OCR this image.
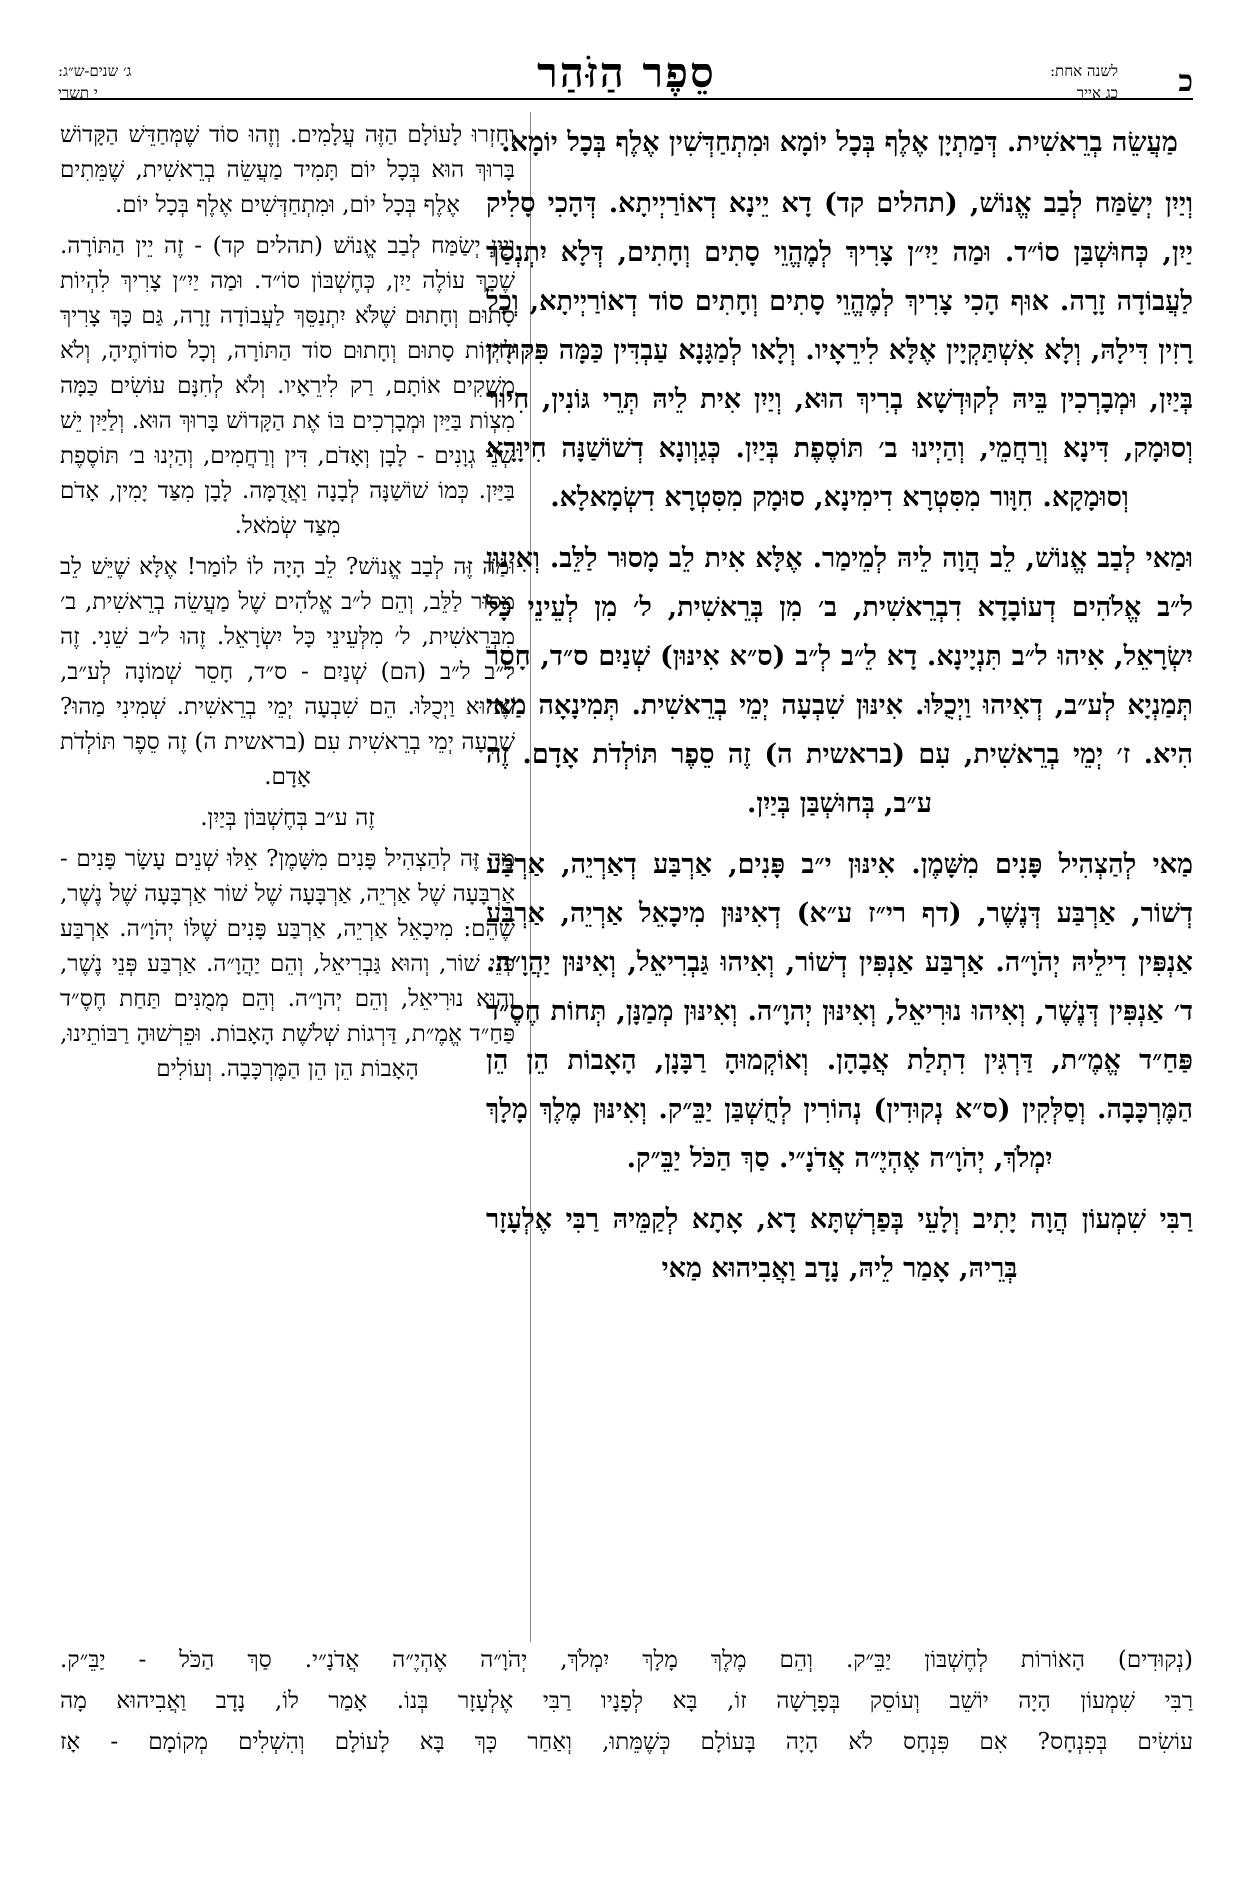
כ
לשנה אחת:
כג אייר
סֵפֶר הַזֹּהַר
ג׳ שנים-ש״ג:
י תשרי

מַעֲשֵׂה בְרֵאשִׁית. דְּמַתְיָן אֶלֶף בְּכָל יוֹמָא וּמִתְחַדְּשִׁין אֶלֶף בְּכָל יוֹמָא.

וְיַיִן יְשַׂמַּח לְבַב אֱנוֹשׁ, (תהלים קד) דָא יֵינָא דְאוֹרַיְיתָא. דְּהָכִי סָלִיק יַיִן, כְּחוּשְׁבַּן סוֹ״ד. וּמַה יַיִ״ן צָרִיךְ לְמֶהֱוֵי סָתִים וְחָתִים, דְּלָא יִתְנְסַךְ לַעֲבוֹדָה זָרָה. אוּף הָכִי צָרִיךְ לְמֶהֱוֵי סָתִים וְחָתִים סוֹד דְאוֹרַיְיתָא, וְכָל רָזִין דִּילָהּ, וְלָא אִשְׁתַּקְיָין אֶלָּא לִירֵאָיו. וְלָאו לְמַגָּנָא עַבְדִּין כַּמָּה פִּקּוּדִין בְּיַיִן, וּמְבָרְכִין בֵּיהּ לְקוּדְשָׁא בְרִיךְ הוּא, וְיַיִן אִית לֵיהּ תְּרֵי גּוֹנִין, חִיוּר וְסוּמָק, דִּינָא וְרַחֲמֵי, וְהַיְינוּ ב׳ תּוֹסֶפֶת בְּיַיִן. כְּגַוְונָא דְשׁוֹשַׁנָּה חִיוָּרָא וְסוּמָקָא. חִוָּור מִסִּטְרָא דִימִינָא, סוּמָק מִסִּטְרָא דִשְׂמָאלָא.

וּמַאי לְבַב אֱנוֹשׁ, לֵב הֲוָה לֵיהּ לְמֵימַר. אֶלָּא אִית לֵב מָסוּר לַלֵּב. וְאִינּוּן ל״ב אֱלֹהִים דְעוֹבָדָא דִבְרֵאשִׁית, ב׳ מִן בְּרֵאשִׁית, ל׳ מִן לְעֵינֵי כָּל יִשְׂרָאֵל, אִיהוּ ל״ב תִּנְיָינָא. דָא לֵ״ב לְ״ב (ס״א אִינּוּן) שְׁנַיִם ס״ד, חָסֵר תְּמַנְיָא לְע״ב, דְאִיהוּ וַיְכֻלּוּ. אִינּוּן שִׁבְעָה יְמֵי בְרֵאשִׁית. תְּמִינָאָה מַאי הִיא. ז׳ יְמֵי בְרֵאשִׁית, עִם (בראשית ה) זֶה סֵפֶר תּוֹלְדֹת אָדָם. זֶה ע״ב, בְּחוּשְׁבַּן בְּיַיִן.

מַאי לְהַצְהִיל פָּנִים מִשָּׁמֶן. אִינּוּן י״ב פָּנִים, אַרְבַּע דְאַרְיֵה, אַרְבַּע דְשׁוֹר, אַרְבַּע דְּנֶשֶׁר, (דף רי״ז ע״א) דְאִינּוּן מִיכָאֵל אַרְיֵה, אַרְבַּע אַנְפִּין דִילֵיהּ יְהֹוָ״ה. אַרְבַּע אַנְפִּין דְשׁוֹר, וְאִיהוּ גַּבְרִיאֵל, וְאִינּוּן יַהֲוָ״ה. ד׳ אַנְפִּין דְּנֶשֶׁר, וְאִיהוּ נוּרִיאֵל, וְאִינּוּן יְהוָ״ה. וְאִינּוּן מְמַנָּן, תְּחוֹת חֶסֶ״ד פַּחַ״ד אֱמֶ״ת, דַּרְגִּין דִתְלַת אֲבָהָן. וְאוֹקְמוּהָ רַבָּנָן, הָאָבוֹת הֵן הֵן הַמֶּרְכָּבָה. וְסַלְּקִין (ס״א נְקוּדִין) נְהוֹרִין לְחֻשְׁבַּן יַבֵּ״ק. וְאִינּוּן מֶלֶךְ מָלָךְ יִמְלֹךְ, יְהֹוָ״ה אֶהְיֶ״ה אֲדֹנָ״י. סַךְ הַכֹּל יַבֵּ״ק.

רַבִּי שִׁמְעוֹן הֲוָה יָתִיב וְלָעֵי בְּפַרְשְׁתָּא דָא, אָתָא לְקַמֵּיהּ רַבִּי אֶלְעָזָר בְּרֵיהּ, אָמַר לֵיהּ, נָדָב וַאֲבִיהוּא מַאי

וְחָזְרוּ לָעוֹלָם הַזֶּה עֲלָמִים. וְזֶהוּ סוֹד שֶׁמְּחַדֵּשׁ הַקָּדוֹשׁ בָּרוּךְ הוּא בְּכָל יוֹם תָּמִיד מַעֲשֵׂה בְרֵאשִׁית, שֶׁמֵּתִים אֶלֶף בְּכָל יוֹם, וּמִתְחַדְּשִׁים אֶלֶף בְּכָל יוֹם.

וְיַיִן יְשַׂמַּח לְבַב אֱנוֹשׁ (תהלים קד) - זֶה יֵין הַתּוֹרָה. שֶׁכָּךְ עוֹלֶה יַיִן, כְּחֶשְׁבּוֹן סוֹ״ד. וּמַה יַיִ״ן צָרִיךְ לִהְיוֹת סָתוּם וְחָתוּם שֶׁלֹּא יִתְנַסֵּךְ לַעֲבוֹדָה זָרָה, גַּם כָּךְ צָרִיךְ לִהְיוֹת סָתוּם וְחָתוּם סוֹד הַתּוֹרָה, וְכָל סוֹדוֹתֶיהָ, וְלֹא מַשְׁקִים אוֹתָם, רַק לִירֵאָיו. וְלֹא לְחִנָּם עוֹשִׂים כַּמָּה מִצְוֹת בַּיַּיִן וּמְבָרְכִים בּוֹ אֶת הַקָּדוֹשׁ בָּרוּךְ הוּא. וְלַיַּיִן יֵשׁ שְׁנֵי גְוָנִים - לָבָן וְאָדֹם, דִּין וְרַחֲמִים, וְהַיְנוּ ב׳ תּוֹסֶפֶת בַּיַּיִן. כְּמוֹ שׁוֹשַׁנָּה לְבָנָה וַאֲדֻמָּה. לָבָן מִצַּד יָמִין, אָדֹם מִצַּד שְׂמֹאל.

וּמַה זֶּה לְבַב אֱנוֹשׁ? לֵב הָיָה לוֹ לוֹמַר! אֶלָּא שֶׁיֵּשׁ לֵב מָסוּר לַלֵּב, וְהֵם ל״ב אֱלֹהִים שֶׁל מַעֲשֵׂה בְרֵאשִׁית, ב׳ מִבְּרֵאשִׁית, ל׳ מִלְּעֵינֵי כָּל יִשְׂרָאֵל. זֶהוּ ל״ב שֵׁנִי. זֶה ל״ב ל״ב (הם) שְׁנַיִם - ס״ד, חָסֵר שְׁמוֹנָה לְע״ב, שֶׁהוּא וַיְכֻלּוּ. הֵם שִׁבְעָה יְמֵי בְרֵאשִׁית. שְׁמִינִי מַהוּ? שִׁבְעָה יְמֵי בְרֵאשִׁית עִם (בראשית ה) זֶה סֵפֶר תּוֹלְדֹת אָדָם.

זֶה ע״ב בְּחֶשְׁבּוֹן בְּיַיִן.

מַה זֶּה לְהַצְהִיל פָּנִים מִשָּׁמֶן? אֵלּוּ שְׁנֵים עָשָׂר פָּנִים - אַרְבָּעָה שֶׁל אַרְיֵה, אַרְבָּעָה שֶׁל שׁוֹר אַרְבָּעָה שֶׁל נֶשֶׁר, שֶׁהֵם: מִיכָאֵל אַרְיֵה, אַרְבַּע פָּנִים שֶׁלּוֹ יְהֹוָ״ה. אַרְבַּע פְּנֵי שׁוֹר, וְהוּא גַּבְרִיאֵל, וְהֵם יַהֲוָ״ה. אַרְבַּע פְּנֵי נֶשֶׁר, וְהוּא נוּרִיאֵל, וְהֵם יְהוָ״ה. וְהֵם מְמֻנִּים תַּחַת חֶסֶ״ד פַּחַ״ד אֱמֶ״ת, דַּרְגוֹת שְׁלֹשֶׁת הָאָבוֹת. וּפֵרְשׁוּהָ רַבּוֹתֵינוּ, הָאָבוֹת הֵן הֵן הַמֶּרְכָּבָה. וְעוֹלִים

(נְקוּדִים) הָאוֹרוֹת לְחֶשְׁבּוֹן יַבֵּ״ק. וְהֵם מֶלֶךְ מָלָךְ יִמְלֹךְ, יְהֹוָ״ה אֶהְיֶ״ה אֲדֹנָ״י. סַךְ הַכֹּל - יַבֵּ״ק.

רַבִּי שִׁמְעוֹן הָיָה יוֹשֵׁב וְעוֹסֵק בְּפָרָשָׁה זוֹ, בָּא לְפָנָיו רַבִּי אֶלְעָזָר בְּנוֹ. אָמַר לוֹ, נָדָב וַאֲבִיהוּא מָה

עוֹשִׂים בְּפִנְחָס? אִם פִּנְחָס לֹא הָיָה בָּעוֹלָם כְּשֶׁמֵּתוּ, וְאַחַר כָּךְ בָּא לָעוֹלָם וְהִשְׁלִים מְקוֹמָם - אָז
